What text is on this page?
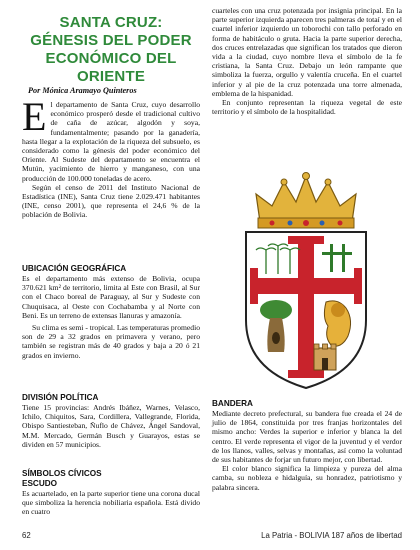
SANTA CRUZ:
GÉNESIS DEL PODER
ECONÓMICO DEL ORIENTE
Por Mónica Aramayo Quinteros

El departamento de Santa Cruz, cuyo desarrollo económico prosperó desde el tradicional cultivo de caña de azúcar, algodón y soya, fundamentalmente; pasando por la ganadería, hasta llegar a la explotación de la riqueza del subsuelo, es considerado como la génesis del poder económico del Oriente. Al Sudeste del departamento se encuentra el Mutún, yacimiento de hierro y manganeso, con una producción de 100.000 toneladas de acero.

Según el censo de 2011 del Instituto Nacional de Estadística (INE), Santa Cruz tiene 2.029.471 habitantes (INE, censo 2001), que representa el 24,6 % de la población de Bolivia.

UBICACIÓN GEOGRÁFICA

Es el departamento más extenso de Bolivia, ocupa 370.621 km² de territorio, limita al Este con Brasil, al Sur con el Chaco boreal de Paraguay, al Sur y Sudeste con Chuquisaca, al Oeste con Cochabamba y al Norte con Beni. Es un terreno de extensas llanuras y amazonía.

Su clima es semi - tropical. Las temperaturas promedio son de 29 a 32 grados en primavera y verano, pero también se registran más de 40 grados y baja a 20 ó 21 grados en invierno.

DIVISIÓN POLÍTICA

Tiene 15 provincias: Andrés Ibáñez, Warnes, Velasco, Ichilo, Chiquitos, Sara, Cordillera, Vallegrande, Florida, Obispo Santiesteban, Ñuflo de Chávez, Ángel Sandoval, M.M. Mercado, Germán Busch y Guarayos, estas se dividen en 57 municipios.

SÍMBOLOS CÍVICOS
ESCUDO

Es acuartelado, en la parte superior tiene una corona ducal que simboliza la herencia nobiliaria española. Está divido en cuatro

cuarteles con una cruz potenzada por insignia principal. En la parte superior izquierda aparecen tres palmeras de totaí y en el cuartel inferior izquierdo un toborochi con tallo perforado en forma de habitáculo o gruta. Hacia la parte superior derecha, dos cruces entrelazadas que significan los tratados que dieron vida a la ciudad, cuyo nombre lleva el símbolo de la fe cristiana, la Santa Cruz. Debajo un león rampante que simboliza la fuerza, orgullo y valentía cruceña. En el cuartel inferior y al pie de la cruz potenzada una torre almenada, emblema de la hispanidad.

En conjunto representan la riqueza vegetal de este territorio y el símbolo de la hospitalidad.

BANDERA

Mediante decreto prefectural, su bandera fue creada el 24 de julio de 1864, constituida por tres franjas horizontales del mismo ancho: Verdes la superior e inferior y blanca la del centro. El verde representa el vigor de la juventud y el verdor de los llanos, valles, selvas y montañas, así como la voluntad de sus habitantes de forjar un futuro mejor, con libertad.

El color blanco significa la limpieza y pureza del alma camba, su nobleza e hidalguía, su honradez, patriotismo y palabra sincera.

62	La Patria - BOLIVIA 187 años de libertad
